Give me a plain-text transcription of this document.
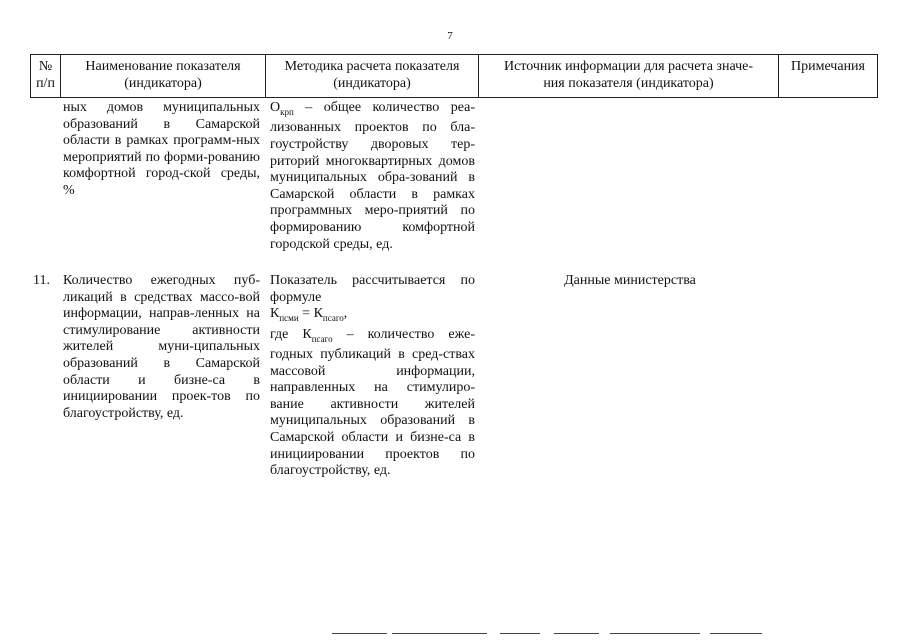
7
№
п/п
Наименование показателя
(индикатора)
Методика расчета показателя
(индикатора)
Источник информации для расчета значе-
ния показателя (индикатора)
Примечания
ных домов муниципальных образований в Самарской области в рамках программ-ных мероприятий по форми-рованию комфортной город-ской среды, %
$О_{крп}$ – общее количество реа-лизованных проектов по бла-гоустройству дворовых тер-риторий многоквартирных домов муниципальных обра-зований в Самарской области в рамках программных меро-приятий по формированию комфортной городской среды, ед.
11. Количество ежегодных пуб-ликаций в средствах массо-вой информации, направ-ленных на стимулирование активности жителей муни-ципальных образований в Самарской области и бизне-са в инициировании проек-тов по благоустройству, ед.
Показатель рассчитывается по формуле
$К_{псми} = К_{псаго}$,
где $К_{псаго}$ – количество еже-годных публикаций в сред-ствах массовой информации, направленных на стимулиро-вание активности жителей муниципальных образований в Самарской области и бизне-са в инициировании проектов по благоустройству, ед.
Данные министерства
